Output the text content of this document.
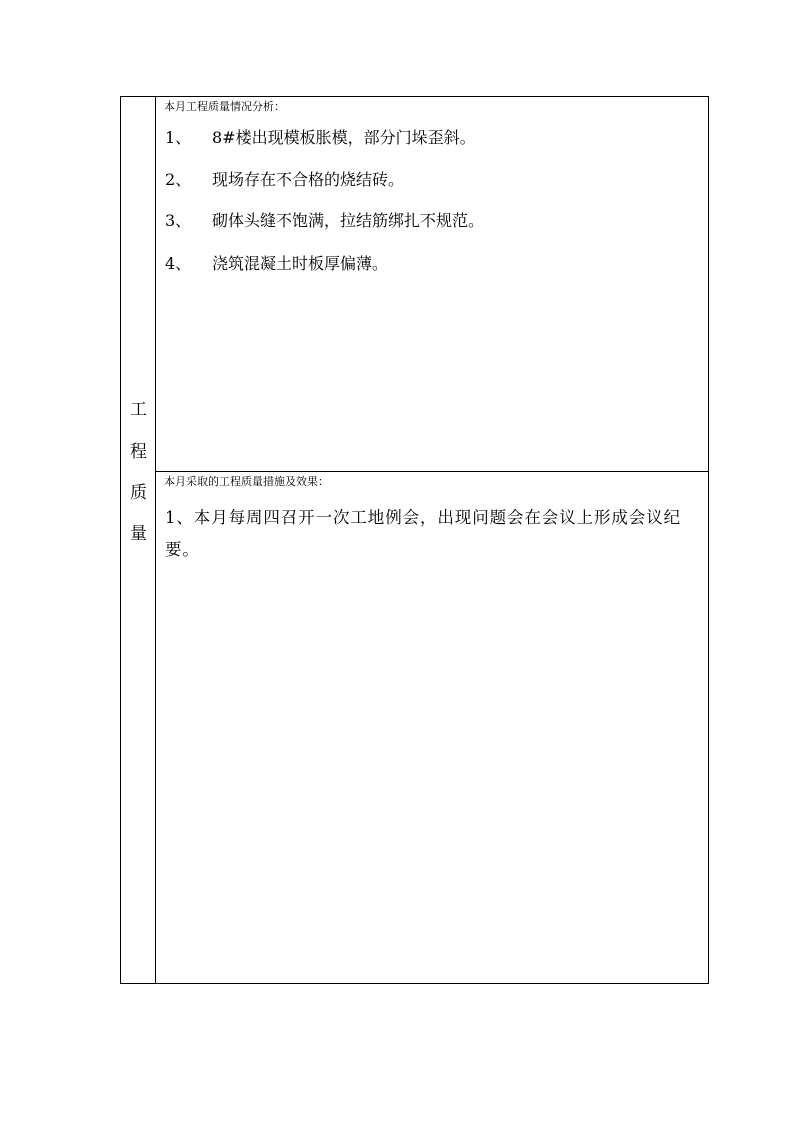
工
程
质
量
本月工程质量情况分析：
1、 8#楼出现模板胀模，部分门垛歪斜。
2、 现场存在不合格的烧结砖。
3、 砌体头缝不饱满，拉结筋绑扎不规范。
4、 浇筑混凝土时板厚偏薄。
本月采取的工程质量措施及效果：
1、本月每周四召开一次工地例会，出现问题会在会议上形成会议纪要。
